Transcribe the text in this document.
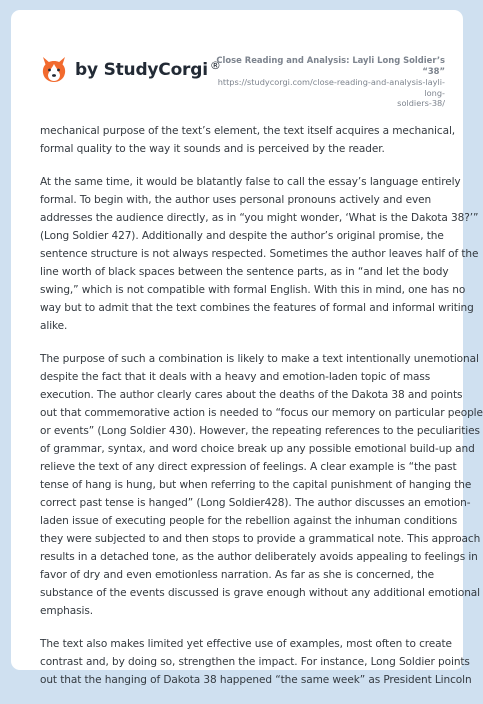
by StudyCorgi ®
Close Reading and Analysis: Layli Long Soldier’s “38”
https://studycorgi.com/close-reading-and-analysis-layli-long-
soldiers-38/

mechanical purpose of the text’s element, the text itself acquires a mechanical,
formal quality to the way it sounds and is perceived by the reader.

At the same time, it would be blatantly false to call the essay’s language entirely
formal. To begin with, the author uses personal pronouns actively and even
addresses the audience directly, as in “you might wonder, ‘What is the Dakota 38?’”
(Long Soldier 427). Additionally and despite the author’s original promise, the
sentence structure is not always respected. Sometimes the author leaves half of the
line worth of black spaces between the sentence parts, as in “and let the body
swing,” which is not compatible with formal English. With this in mind, one has no
way but to admit that the text combines the features of formal and informal writing
alike.

The purpose of such a combination is likely to make a text intentionally unemotional
despite the fact that it deals with a heavy and emotion-laden topic of mass
execution. The author clearly cares about the deaths of the Dakota 38 and points
out that commemorative action is needed to “focus our memory on particular people
or events” (Long Soldier 430). However, the repeating references to the peculiarities
of grammar, syntax, and word choice break up any possible emotional build-up and
relieve the text of any direct expression of feelings. A clear example is “the past
tense of hang is hung, but when referring to the capital punishment of hanging the
correct past tense is hanged” (Long Soldier428). The author discusses an emotion-
laden issue of executing people for the rebellion against the inhuman conditions
they were subjected to and then stops to provide a grammatical note. This approach
results in a detached tone, as the author deliberately avoids appealing to feelings in
favor of dry and even emotionless narration. As far as she is concerned, the
substance of the events discussed is grave enough without any additional emotional
emphasis.

The text also makes limited yet effective use of examples, most often to create
contrast and, by doing so, strengthen the impact. For instance, Long Soldier points
out that the hanging of Dakota 38 happened “the same week” as President Lincoln
